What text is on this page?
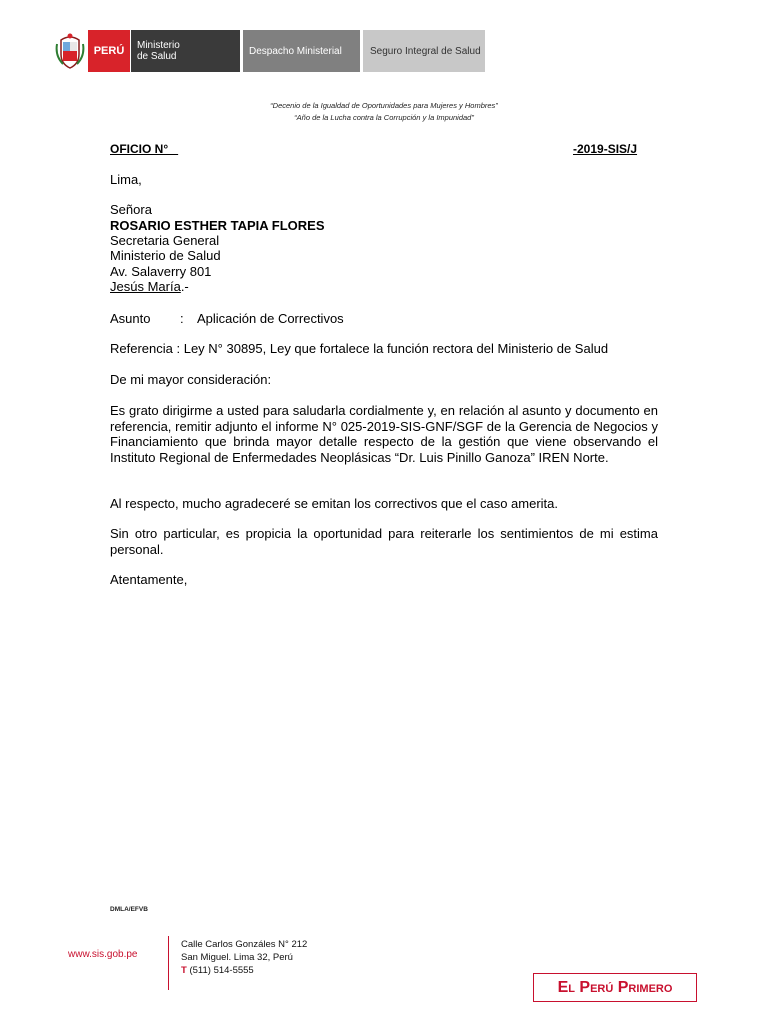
PERÚ	Ministerio
de Salud	Despacho Ministerial	Seguro Integral de Salud
“Decenio de la Igualdad de Oportunidades para Mujeres y Hombres”
“Año de la Lucha contra la Corrupción y la Impunidad”
OFICIO N°	-2019-SIS/J
Lima,
Señora
ROSARIO ESTHER TAPIA FLORES
Secretaria General
Ministerio de Salud
Av. Salaverry 801
Jesús María.-
Asunto : Aplicación de Correctivos
Referencia : Ley N° 30895, Ley que fortalece la función rectora del Ministerio de Salud
De mi mayor consideración:
Es grato dirigirme a usted para saludarla cordialmente y, en relación al asunto y documento en referencia, remitir adjunto el informe N° 025-2019-SIS-GNF/SGF de la Gerencia de Negocios y Financiamiento que brinda mayor detalle respecto de la gestión que viene observando el Instituto Regional de Enfermedades Neoplásicas “Dr. Luis Pinillo Ganoza” IREN Norte.
Al respecto, mucho agradeceré se emitan los correctivos que el caso amerita.
Sin otro particular, es propicia la oportunidad para reiterarle los sentimientos de mi estima personal.
Atentamente,
DMLA/EFVB
www.sis.gob.pe
Calle Carlos Gonzáles N° 212
San Miguel. Lima 32, Perú
T (511) 514-5555
El Perú Primero
